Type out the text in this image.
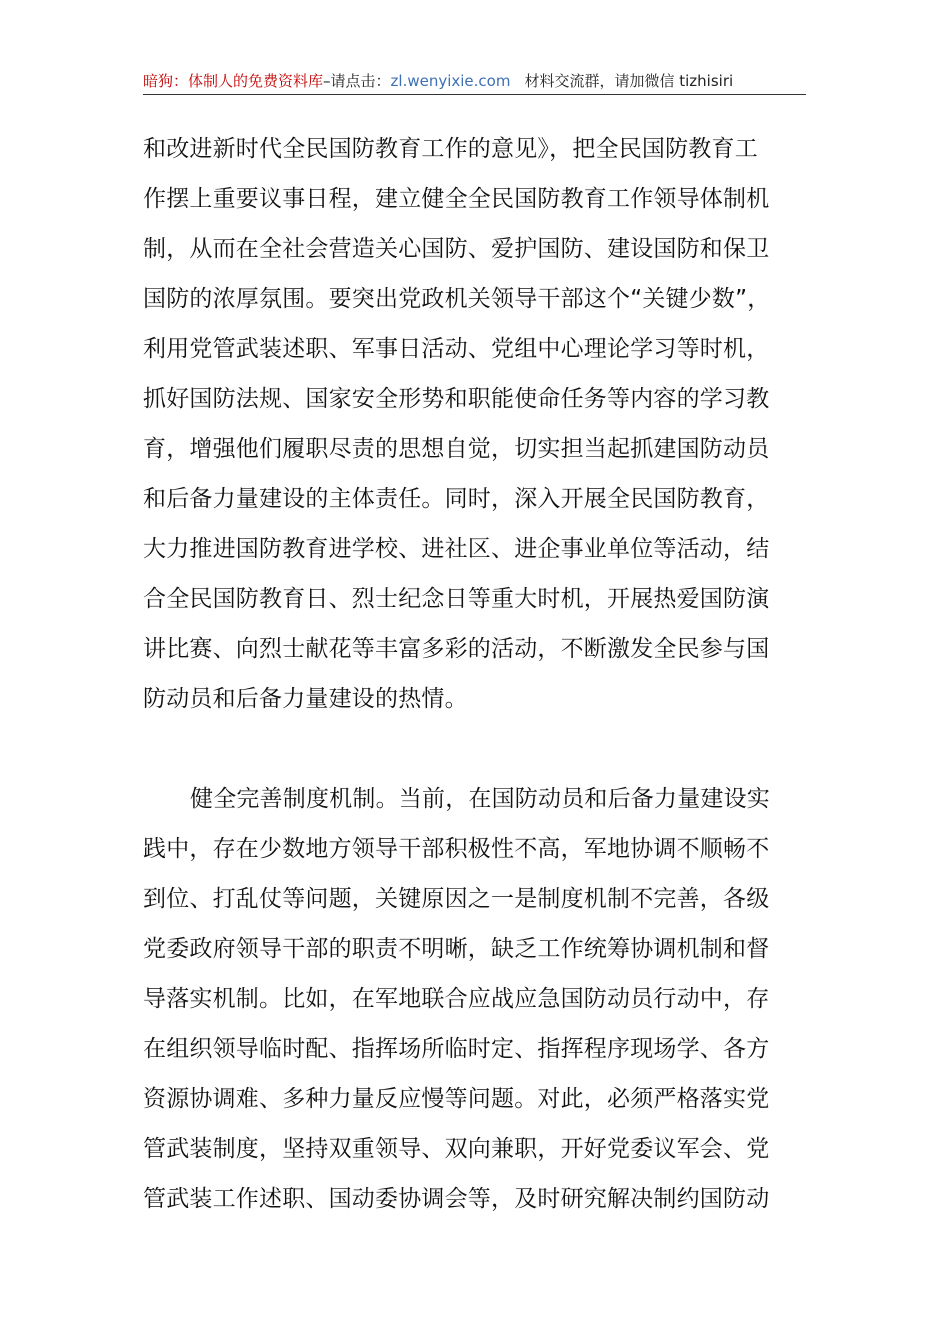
暗狗：体制人的免费资料库–请点击：zl.wenyixie.com 材料交流群，请加微信 tizhisiri
和改进新时代全民国防教育工作的意见》，把全民国防教育工
作摆上重要议事日程，建立健全全民国防教育工作领导体制机
制，从而在全社会营造关心国防、爱护国防、建设国防和保卫
国防的浓厚氛围。要突出党政机关领导干部这个“关键少数”，
利用党管武装述职、军事日活动、党组中心理论学习等时机，
抓好国防法规、国家安全形势和职能使命任务等内容的学习教
育，增强他们履职尽责的思想自觉，切实担当起抓建国防动员
和后备力量建设的主体责任。同时，深入开展全民国防教育，
大力推进国防教育进学校、进社区、进企事业单位等活动，结
合全民国防教育日、烈士纪念日等重大时机，开展热爱国防演
讲比赛、向烈士献花等丰富多彩的活动，不断激发全民参与国
防动员和后备力量建设的热情。
健全完善制度机制。当前，在国防动员和后备力量建设实
践中，存在少数地方领导干部积极性不高，军地协调不顺畅不
到位、打乱仗等问题，关键原因之一是制度机制不完善，各级
党委政府领导干部的职责不明晰，缺乏工作统筹协调机制和督
导落实机制。比如，在军地联合应战应急国防动员行动中，存
在组织领导临时配、指挥场所临时定、指挥程序现场学、各方
资源协调难、多种力量反应慢等问题。对此，必须严格落实党
管武装制度，坚持双重领导、双向兼职，开好党委议军会、党
管武装工作述职、国动委协调会等，及时研究解决制约国防动
